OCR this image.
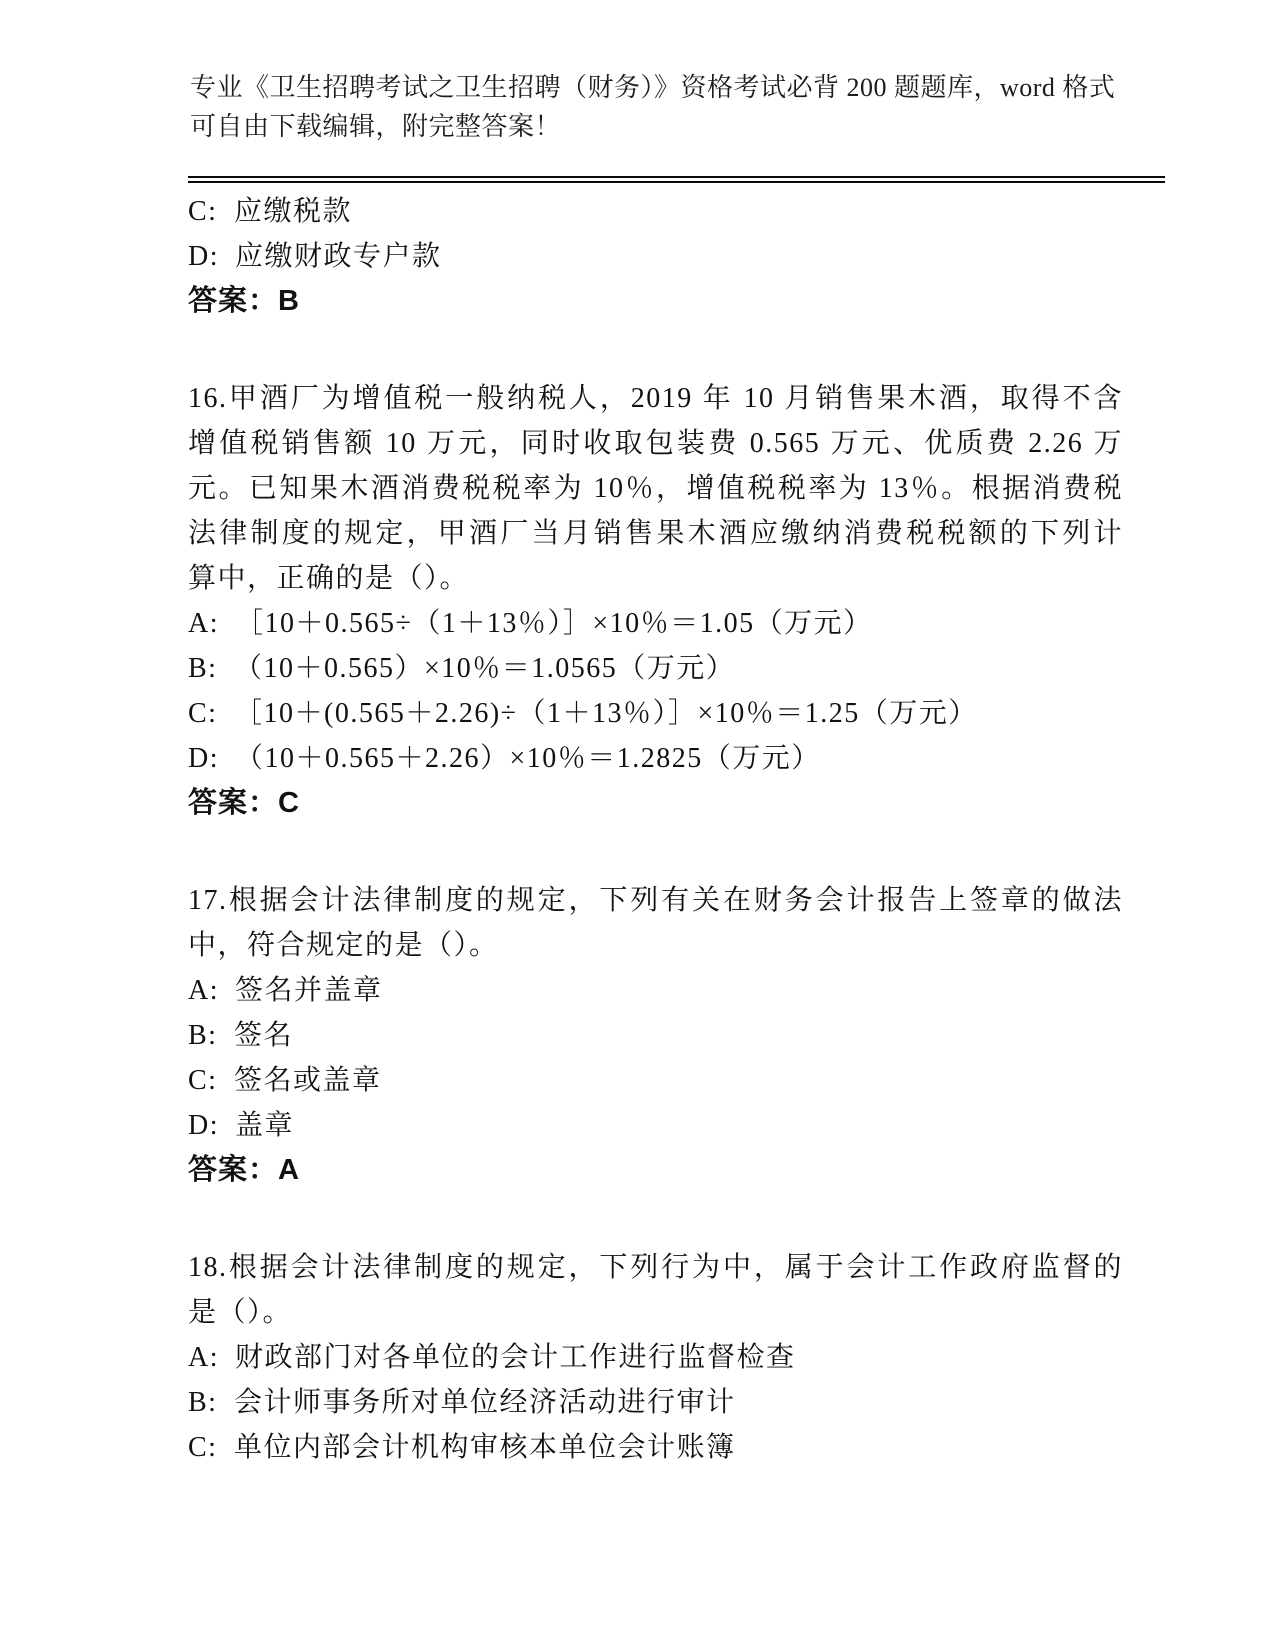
专业《卫生招聘考试之卫生招聘（财务）》资格考试必背 200 题题库，word 格式
可自由下载编辑，附完整答案！

C: 应缴税款

D: 应缴财政专户款

答案：B

16.甲酒厂为增值税一般纳税人，2019 年 10 月销售果木酒，取得不含

增值税销售额 10 万元，同时收取包装费 0.565 万元、优质费 2.26 万

元。已知果木酒消费税税率为 10％，增值税税率为 13％。根据消费税

法律制度的规定，甲酒厂当月销售果木酒应缴纳消费税税额的下列计

算中，正确的是（）。

A: ［10＋0.565÷（1＋13％）］×10％＝1.05（万元）

B: （10＋0.565）×10％＝1.0565（万元）

C: ［10＋(0.565＋2.26)÷（1＋13％）］×10％＝1.25（万元）

D: （10＋0.565＋2.26）×10％＝1.2825（万元）

答案：C

17.根据会计法律制度的规定，下列有关在财务会计报告上签章的做法

中，符合规定的是（）。

A: 签名并盖章

B: 签名

C: 签名或盖章

D: 盖章

答案：A

18.根据会计法律制度的规定，下列行为中，属于会计工作政府监督的

是（）。

A: 财政部门对各单位的会计工作进行监督检查

B: 会计师事务所对单位经济活动进行审计

C: 单位内部会计机构审核本单位会计账簿
